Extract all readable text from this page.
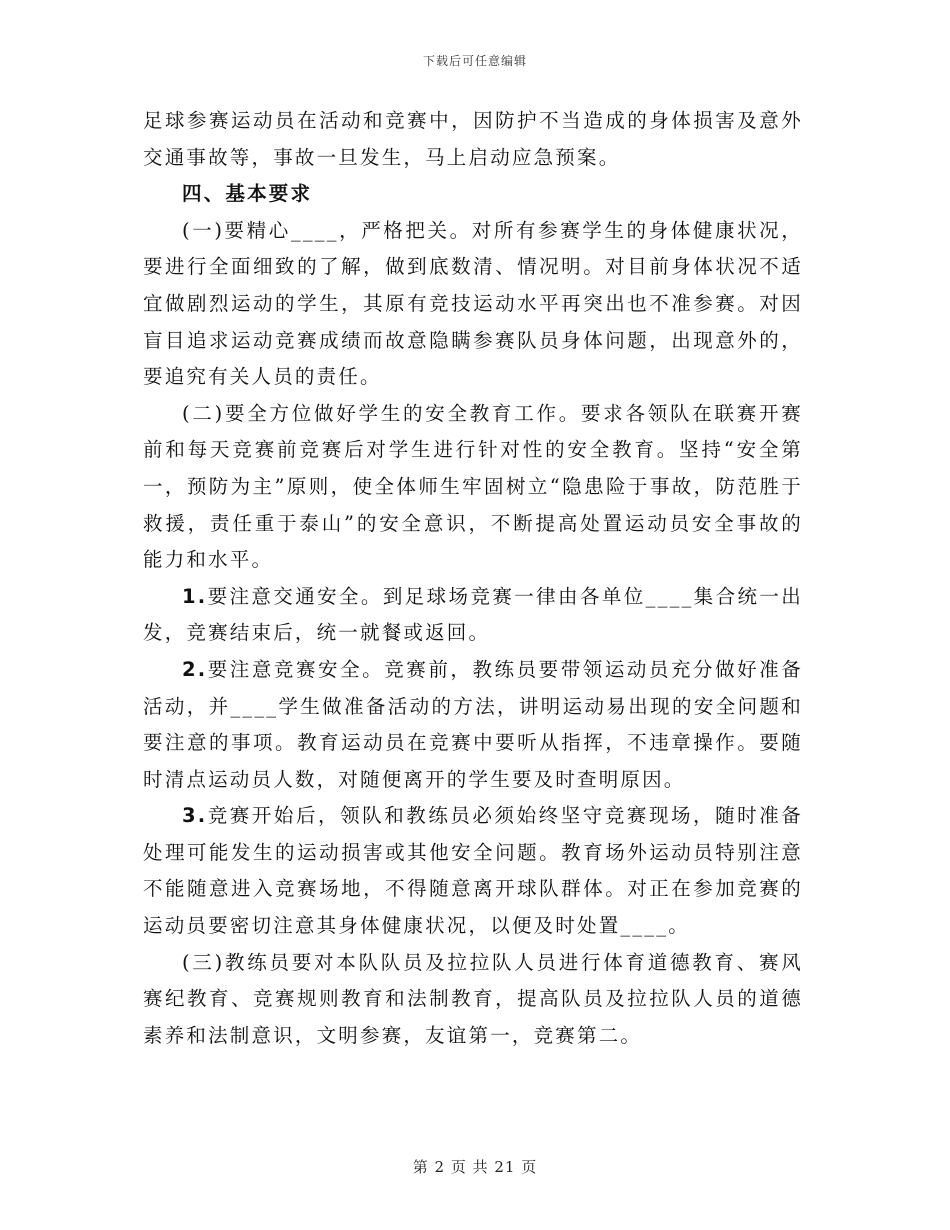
下载后可任意编辑

足球参赛运动员在活动和竞赛中，因防护不当造成的身体损害及意外交通事故等，事故一旦发生，马上启动应急预案。

四、基本要求

(一)要精心____，严格把关。对所有参赛学生的身体健康状况，要进行全面细致的了解，做到底数清、情况明。对目前身体状况不适宜做剧烈运动的学生，其原有竞技运动水平再突出也不准参赛。对因盲目追求运动竞赛成绩而故意隐瞒参赛队员身体问题，出现意外的，要追究有关人员的责任。

(二)要全方位做好学生的安全教育工作。要求各领队在联赛开赛前和每天竞赛前竞赛后对学生进行针对性的安全教育。坚持“安全第一，预防为主”原则，使全体师生牢固树立“隐患险于事故，防范胜于救援，责任重于泰山”的安全意识，不断提高处置运动员安全事故的能力和水平。

1.要注意交通安全。到足球场竞赛一律由各单位____集合统一出发，竞赛结束后，统一就餐或返回。

2.要注意竞赛安全。竞赛前，教练员要带领运动员充分做好准备活动，并____学生做准备活动的方法，讲明运动易出现的安全问题和要注意的事项。教育运动员在竞赛中要听从指挥，不违章操作。要随时清点运动员人数，对随便离开的学生要及时查明原因。

3.竞赛开始后，领队和教练员必须始终坚守竞赛现场，随时准备处理可能发生的运动损害或其他安全问题。教育场外运动员特别注意不能随意进入竞赛场地，不得随意离开球队群体。对正在参加竞赛的运动员要密切注意其身体健康状况，以便及时处置____。

(三)教练员要对本队队员及拉拉队人员进行体育道德教育、赛风赛纪教育、竞赛规则教育和法制教育，提高队员及拉拉队人员的道德素养和法制意识，文明参赛，友谊第一，竞赛第二。

第 2 页 共 21 页
